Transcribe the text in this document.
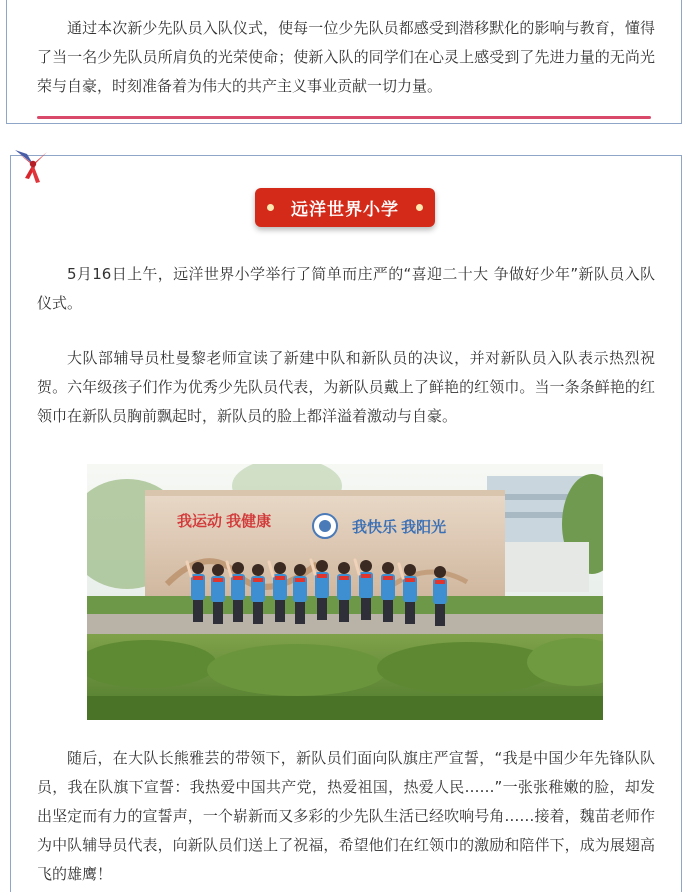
通过本次新少先队员入队仪式，使每一位少先队员都感受到潜移默化的影响与教育，懂得了当一名少先队员所肩负的光荣使命；使新入队的同学们在心灵上感受到了先进力量的无尚光荣与自豪，时刻准备着为伟大的共产主义事业贡献一切力量。

远洋世界小学

5月16日上午，远洋世界小学举行了简单而庄严的“喜迎二十大 争做好少年”新队员入队仪式。

大队部辅导员杜曼黎老师宣读了新建中队和新队员的决议，并对新队员入队表示热烈祝贺。六年级孩子们作为优秀少先队员代表，为新队员戴上了鲜艳的红领巾。当一条条鲜艳的红领巾在新队员胸前飘起时，新队员的脸上都洋溢着激动与自豪。

我运动 我健康	我快乐 我阳光

随后，在大队长熊雅芸的带领下，新队员们面向队旗庄严宣誓，“我是中国少年先锋队队员，我在队旗下宣誓：我热爱中国共产党，热爱祖国，热爱人民……”一张张稚嫩的脸，却发出坚定而有力的宣誓声，一个崭新而又多彩的少先队生活已经吹响号角……接着，魏苗老师作为中队辅导员代表，向新队员们送上了祝福，希望他们在红领巾的激励和陪伴下，成为展翅高飞的雄鹰！
